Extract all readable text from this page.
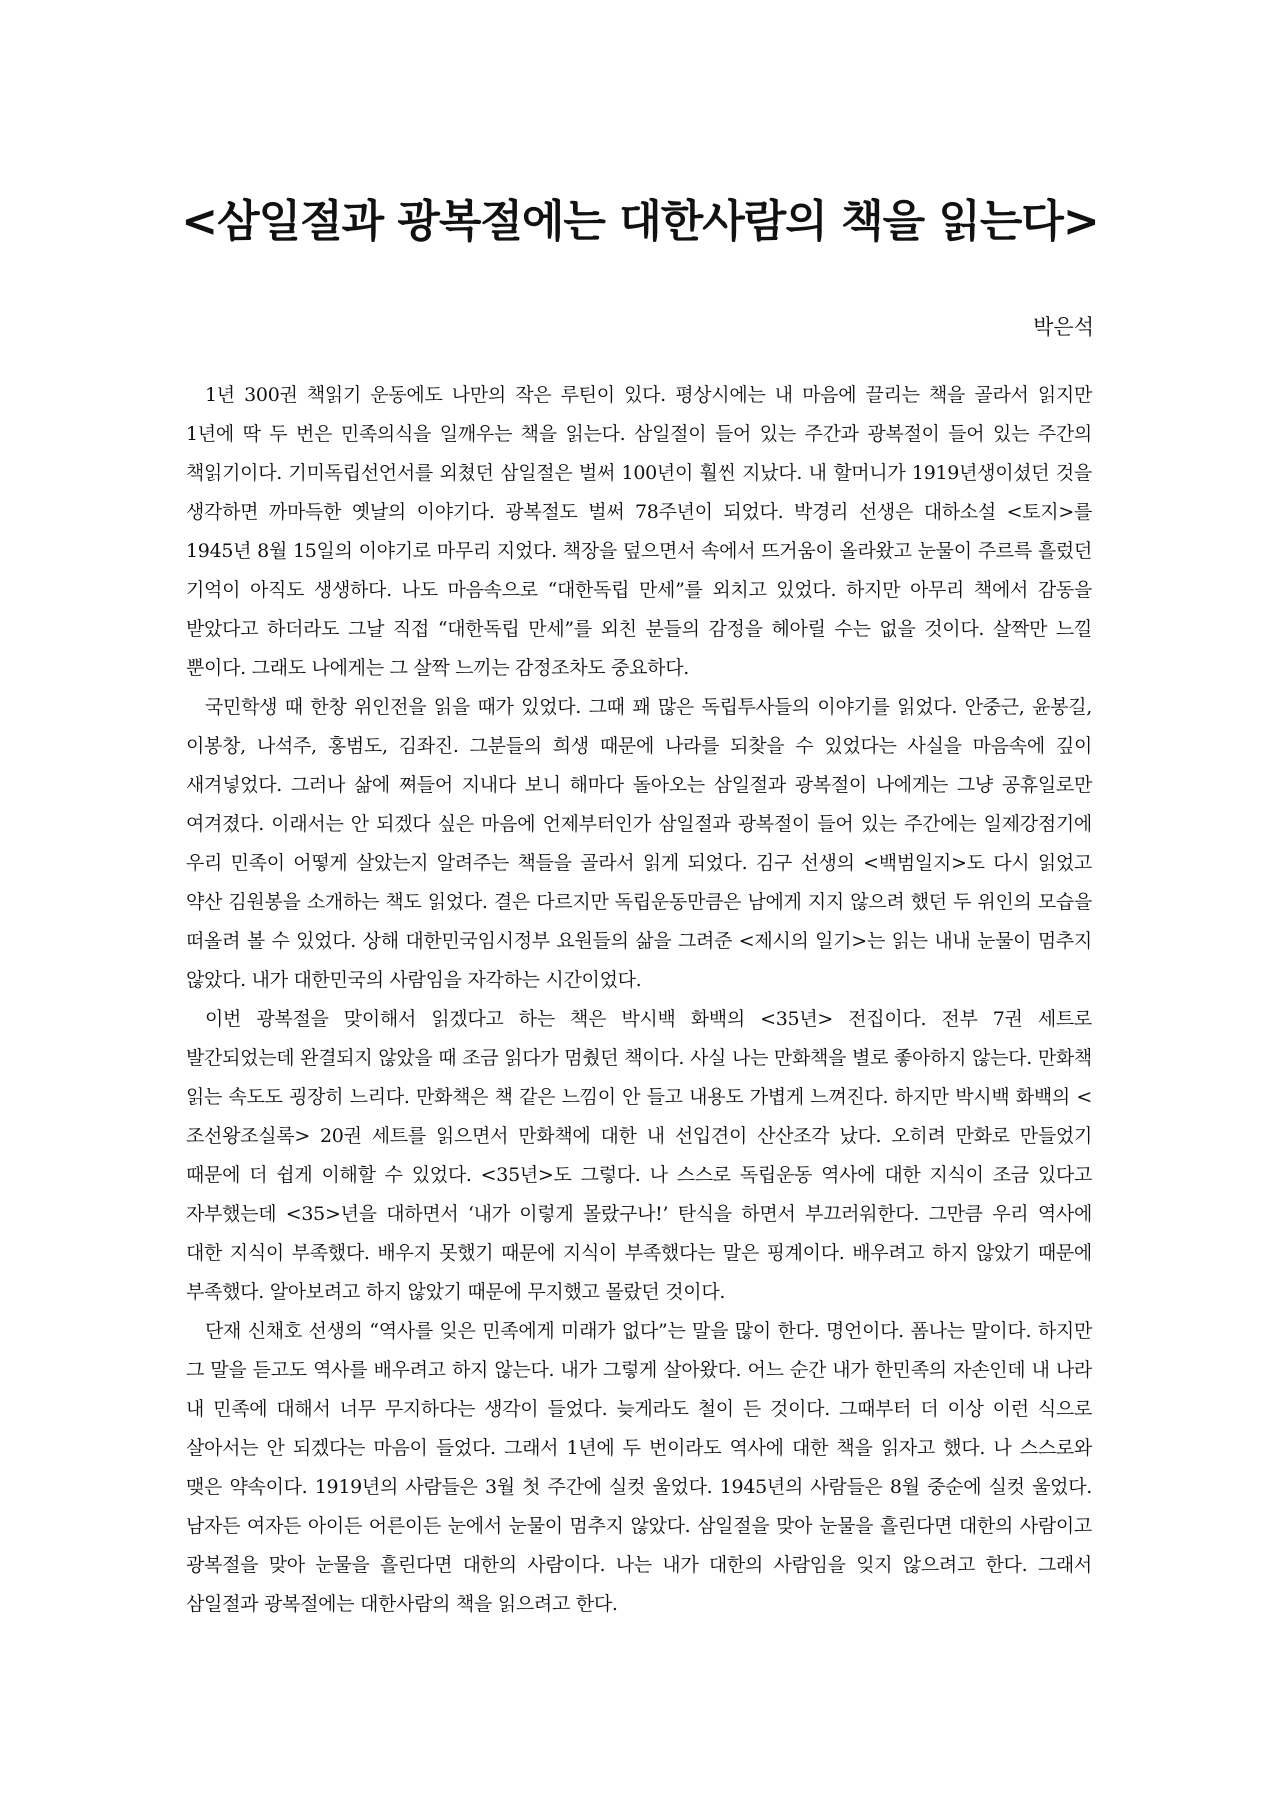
<삼일절과 광복절에는 대한사람의 책을 읽는다>
박은석

1년 300권 책읽기 운동에도 나만의 작은 루틴이 있다. 평상시에는 내 마음에 끌리는 책을 골라서 읽지만 1년에 딱 두 번은 민족의식을 일깨우는 책을 읽는다. 삼일절이 들어 있는 주간과 광복절이 들어 있는 주간의 책읽기이다. 기미독립선언서를 외쳤던 삼일절은 벌써 100년이 훨씬 지났다. 내 할머니가 1919년생이셨던 것을 생각하면 까마득한 옛날의 이야기다. 광복절도 벌써 78주년이 되었다. 박경리 선생은 대하소설 <토지>를 1945년 8월 15일의 이야기로 마무리 지었다. 책장을 덮으면서 속에서 뜨거움이 올라왔고 눈물이 주르륵 흘렀던 기억이 아직도 생생하다. 나도 마음속으로 “대한독립 만세”를 외치고 있었다. 하지만 아무리 책에서 감동을 받았다고 하더라도 그날 직접 “대한독립 만세”를 외친 분들의 감정을 헤아릴 수는 없을 것이다. 살짝만 느낄 뿐이다. 그래도 나에게는 그 살짝 느끼는 감정조차도 중요하다.

국민학생 때 한창 위인전을 읽을 때가 있었다. 그때 꽤 많은 독립투사들의 이야기를 읽었다. 안중근, 윤봉길, 이봉창, 나석주, 홍범도, 김좌진. 그분들의 희생 때문에 나라를 되찾을 수 있었다는 사실을 마음속에 깊이 새겨넣었다. 그러나 삶에 쪄들어 지내다 보니 해마다 돌아오는 삼일절과 광복절이 나에게는 그냥 공휴일로만 여겨졌다. 이래서는 안 되겠다 싶은 마음에 언제부터인가 삼일절과 광복절이 들어 있는 주간에는 일제강점기에 우리 민족이 어떻게 살았는지 알려주는 책들을 골라서 읽게 되었다. 김구 선생의 <백범일지>도 다시 읽었고 약산 김원봉을 소개하는 책도 읽었다. 결은 다르지만 독립운동만큼은 남에게 지지 않으려 했던 두 위인의 모습을 떠올려 볼 수 있었다. 상해 대한민국임시정부 요원들의 삶을 그려준 <제시의 일기>는 읽는 내내 눈물이 멈추지 않았다. 내가 대한민국의 사람임을 자각하는 시간이었다.

이번 광복절을 맞이해서 읽겠다고 하는 책은 박시백 화백의 <35년> 전집이다. 전부 7권 세트로 발간되었는데 완결되지 않았을 때 조금 읽다가 멈췄던 책이다. 사실 나는 만화책을 별로 좋아하지 않는다. 만화책 읽는 속도도 굉장히 느리다. 만화책은 책 같은 느낌이 안 들고 내용도 가볍게 느껴진다. 하지만 박시백 화백의 <조선왕조실록> 20권 세트를 읽으면서 만화책에 대한 내 선입견이 산산조각 났다. 오히려 만화로 만들었기 때문에 더 쉽게 이해할 수 있었다. <35년>도 그렇다. 나 스스로 독립운동 역사에 대한 지식이 조금 있다고 자부했는데 <35>년을 대하면서 ‘내가 이렇게 몰랐구나!’ 탄식을 하면서 부끄러워한다. 그만큼 우리 역사에 대한 지식이 부족했다. 배우지 못했기 때문에 지식이 부족했다는 말은 핑계이다. 배우려고 하지 않았기 때문에 부족했다. 알아보려고 하지 않았기 때문에 무지했고 몰랐던 것이다.

단재 신채호 선생의 “역사를 잊은 민족에게 미래가 없다”는 말을 많이 한다. 명언이다. 폼나는 말이다. 하지만 그 말을 듣고도 역사를 배우려고 하지 않는다. 내가 그렇게 살아왔다. 어느 순간 내가 한민족의 자손인데 내 나라 내 민족에 대해서 너무 무지하다는 생각이 들었다. 늦게라도 철이 든 것이다. 그때부터 더 이상 이런 식으로 살아서는 안 되겠다는 마음이 들었다. 그래서 1년에 두 번이라도 역사에 대한 책을 읽자고 했다. 나 스스로와 맺은 약속이다. 1919년의 사람들은 3월 첫 주간에 실컷 울었다. 1945년의 사람들은 8월 중순에 실컷 울었다. 남자든 여자든 아이든 어른이든 눈에서 눈물이 멈추지 않았다. 삼일절을 맞아 눈물을 흘린다면 대한의 사람이고 광복절을 맞아 눈물을 흘린다면 대한의 사람이다. 나는 내가 대한의 사람임을 잊지 않으려고 한다. 그래서 삼일절과 광복절에는 대한사람의 책을 읽으려고 한다.
